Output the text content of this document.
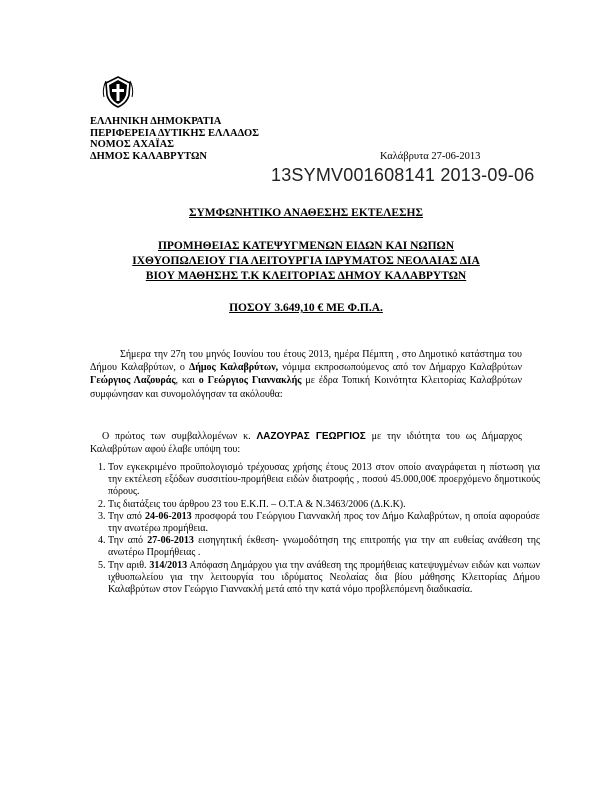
ΕΛΛΗΝΙΚΗ ΔΗΜΟΚΡΑΤΙΑ
ΠΕΡΙΦΕΡΕΙΑ ΔΥΤΙΚΗΣ ΕΛΛΑΔΟΣ
ΝΟΜΟΣ ΑΧΑΪΑΣ
ΔΗΜΟΣ ΚΑΛΑΒΡΥΤΩΝ	Καλάβρυτα 27-06-2013
13SYMV001608141 2013-09-06
ΣΥΜΦΩΝΗΤΙΚΟ ΑΝΑΘΕΣΗΣ ΕΚΤΕΛΕΣΗΣ
ΠΡΟΜΗΘΕΙΑΣ ΚΑΤΕΨΥΓΜΕΝΩΝ ΕΙΔΩΝ ΚΑΙ ΝΩΠΩΝ
ΙΧΘΥΟΠΩΛΕΙΟΥ ΓΙΑ ΛΕΙΤΟΥΡΓΙΑ ΙΔΡΥΜΑΤΟΣ ΝΕΟΛΑΙΑΣ ΔΙΑ
ΒΙΟΥ ΜΑΘΗΣΗΣ Τ.Κ ΚΛΕΙΤΟΡΙΑΣ ΔΗΜΟΥ ΚΑΛΑΒΡΥΤΩΝ
ΠΟΣΟΥ 3.649,10 € ΜΕ Φ.Π.Α.
Σήμερα την 27η του μηνός Ιουνίου του έτους 2013, ημέρα Πέμπτη , στο Δημοτικό κατάστημα του Δήμου Καλαβρύτων, ο Δήμος Καλαβρύτων, νόμιμα εκπροσωπούμενος από τον Δήμαρχο Καλαβρύτων Γεώργιος Λαζουράς, και ο Γεώργιος Γιαννακλής με έδρα Τοπική Κοινότητα Κλειτορίας Καλαβρύτων συμφώνησαν και συνομολόγησαν τα ακόλουθα:
Ο πρώτος των συμβαλλομένων κ. ΛΑΖΟΥΡΑΣ ΓΕΩΡΓΙΟΣ με την ιδιότητα του ως Δήμαρχος Καλαβρύτων αφού έλαβε υπόψη του:
1. Τον εγκεκριμένο προϋπολογισμό τρέχουσας χρήσης έτους 2013 στον οποίο αναγράφεται η πίστωση για την εκτέλεση εξόδων συσσιτίου-προμήθεια ειδών διατροφής , ποσού 45.000,00€ προερχόμενο δημοτικούς πόρους.
2. Τις διατάξεις του άρθρου 23 του Ε.Κ.Π. – Ο.Τ.Α & Ν.3463/2006 (Δ.Κ.Κ).
3. Την από 24-06-2013 προσφορά του Γεώργιου Γιαννακλή προς τον Δήμο Καλαβρύτων, η οποία αφορούσε την ανωτέρω προμήθεια.
4. Την από 27-06-2013 εισηγητική έκθεση- γνωμοδότηση της επιτροπής για την απ ευθείας ανάθεση της ανωτέρω Προμήθειας .
5. Την αριθ. 314/2013 Απόφαση Δημάρχου για την ανάθεση της προμήθειας κατεψυγμένων ειδών και νωπων ιχθυοπωλείου για την λειτουργία του ιδρύματος Νεολαίας δια βίου μάθησης Κλειτορίας Δήμου Καλαβρύτων στον Γεώργιο Γιαννακλή μετά από την κατά νόμο προβλεπόμενη διαδικασία.
